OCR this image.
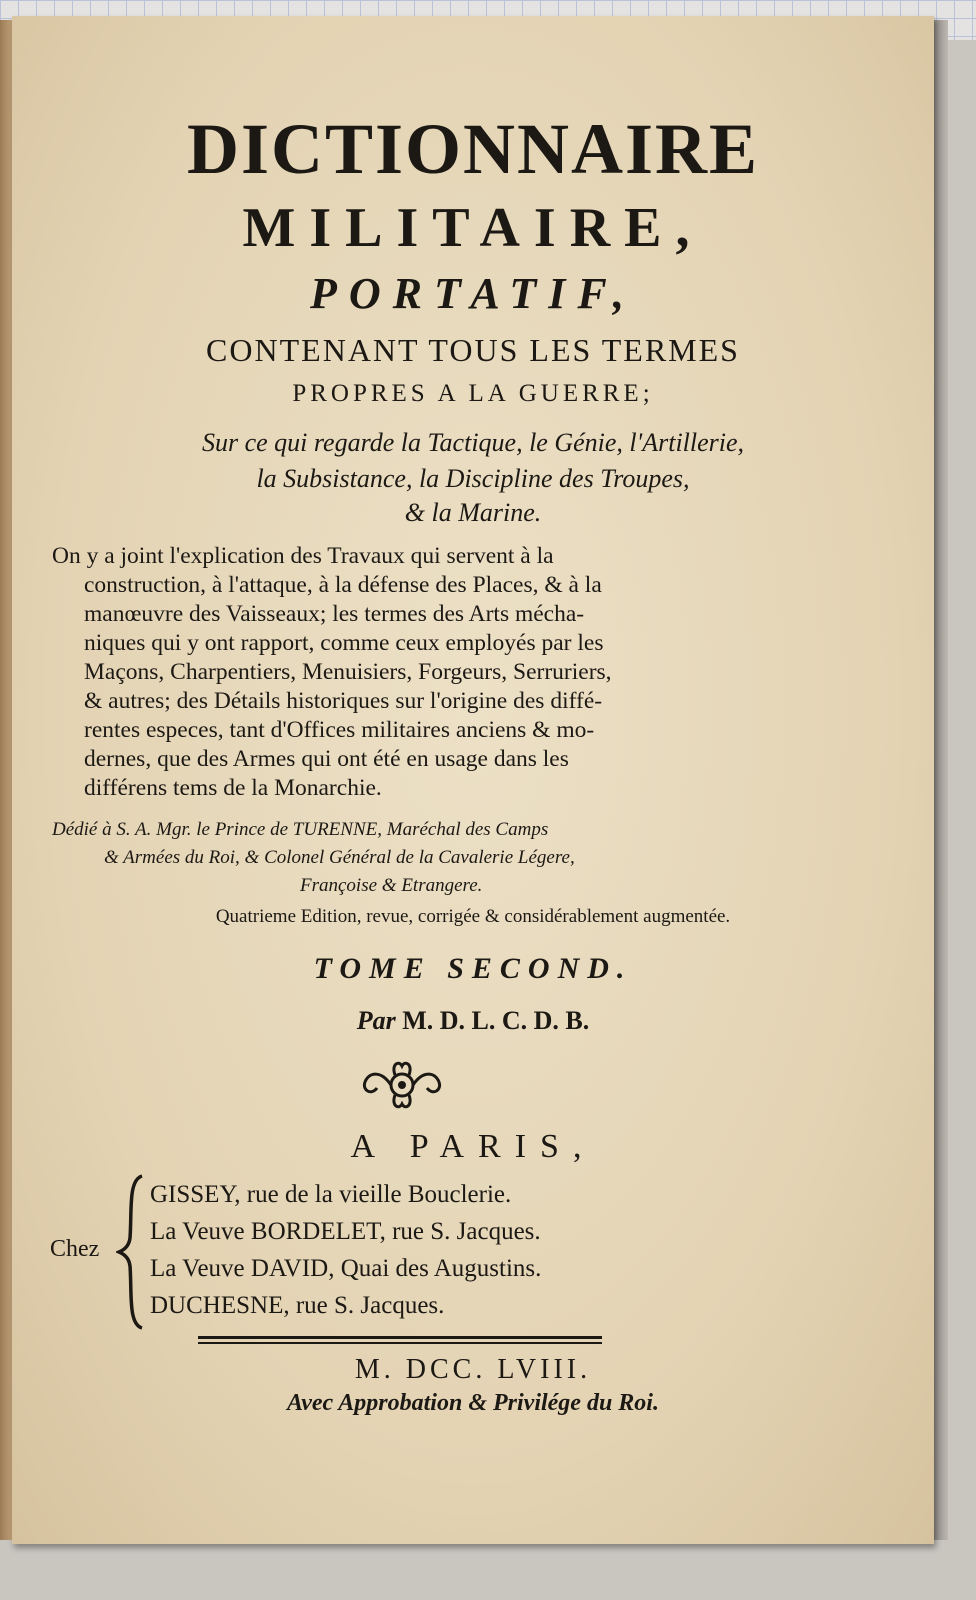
DICTIONNAIRE
MILITAIRE,
PORTATIF,
CONTENANT TOUS LES TERMES
PROPRES A LA GUERRE;
Sur ce qui regarde la Tactique, le Génie, l'Artillerie,
la Subsistance, la Discipline des Troupes,
& la Marine.
On y a joint l'explication des Travaux qui servent à la
construction, à l'attaque, à la défense des Places, & à la
manœuvre des Vaisseaux; les termes des Arts mécha-
niques qui y ont rapport, comme ceux employés par les
Maçons, Charpentiers, Menuisiers, Forgeurs, Serruriers,
& autres; des Détails historiques sur l'origine des diffé-
rentes especes, tant d'Offices militaires anciens & mo-
dernes, que des Armes qui ont été en usage dans les
différens tems de la Monarchie.
Dédié à S. A. Mgr. le Prince de TURENNE, Maréchal des Camps
& Armées du Roi, & Colonel Général de la Cavalerie Légere,
Françoise & Etrangere.
Quatrieme Edition, revue, corrigée & considérablement augmentée.
TOME SECOND.
Par M. D. L. C. D. B.
A PARIS,
Chez
GISSEY, rue de la vieille Bouclerie.
La Veuve BORDELET, rue S. Jacques.
La Veuve DAVID, Quai des Augustins.
DUCHESNE, rue S. Jacques.
M. DCC. LVIII.
Avec Approbation & Privilége du Roi.
